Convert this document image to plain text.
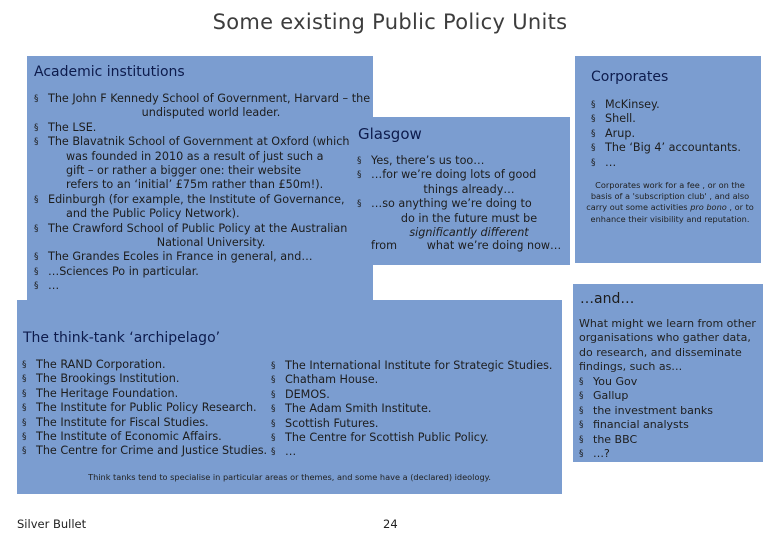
Some existing Public Policy Units
Academic institutions
§ The John F Kennedy School of Government, Harvard – the
undisputed world leader.
§ The LSE.
§ The Blavatnik School of Government at Oxford (which
was founded in 2010 as a result of just such a gift – or rather a bigger one: their website refers to an ‘initial’ £75m rather than £50m!).
§ Edinburgh (for example, the Institute of Governance,
and the Public Policy Network).
§ The Crawford School of Public Policy at the Australian
National University.
§ The Grandes Ecoles in France in general, and…
§ …Sciences Po in particular.
§ …
Glasgow
§ Yes, there’s us too…
§ …for we’re doing lots of good
things already…
§ …so anything we’re doing to
do in the future must be
significantly different
from	what we’re doing now…
Corporates
§ McKinsey.
§ Shell.
§ Arup.
§ The ‘Big 4’ accountants.
§ …
Corporates work for a fee , or on the basis of a 'subscription club' , and also carry out some activities pro bono , or to enhance their visibility and reputation.
The think-tank ‘archipelago’
§ The RAND Corporation.
§ The Brookings Institution.
§ The Heritage Foundation.
§ The Institute for Public Policy Research.
§ The Institute for Fiscal Studies.
§ The Institute of Economic Affairs.
§ The Centre for Crime and Justice Studies.
§ The International Institute for Strategic Studies.
§ Chatham House.
§ DEMOS.
§ The Adam Smith Institute.
§ Scottish Futures.
§ The Centre for Scottish Public Policy.
§ …
Think tanks tend to specialise in particular areas or themes, and some have a (declared) ideology.
…and…
What might we learn from other organisations who gather data, do research, and disseminate findings, such as…
§ You Gov
§ Gallup
§ the investment banks
§ financial analysts
§ the BBC
§ …?
Silver Bullet	24
